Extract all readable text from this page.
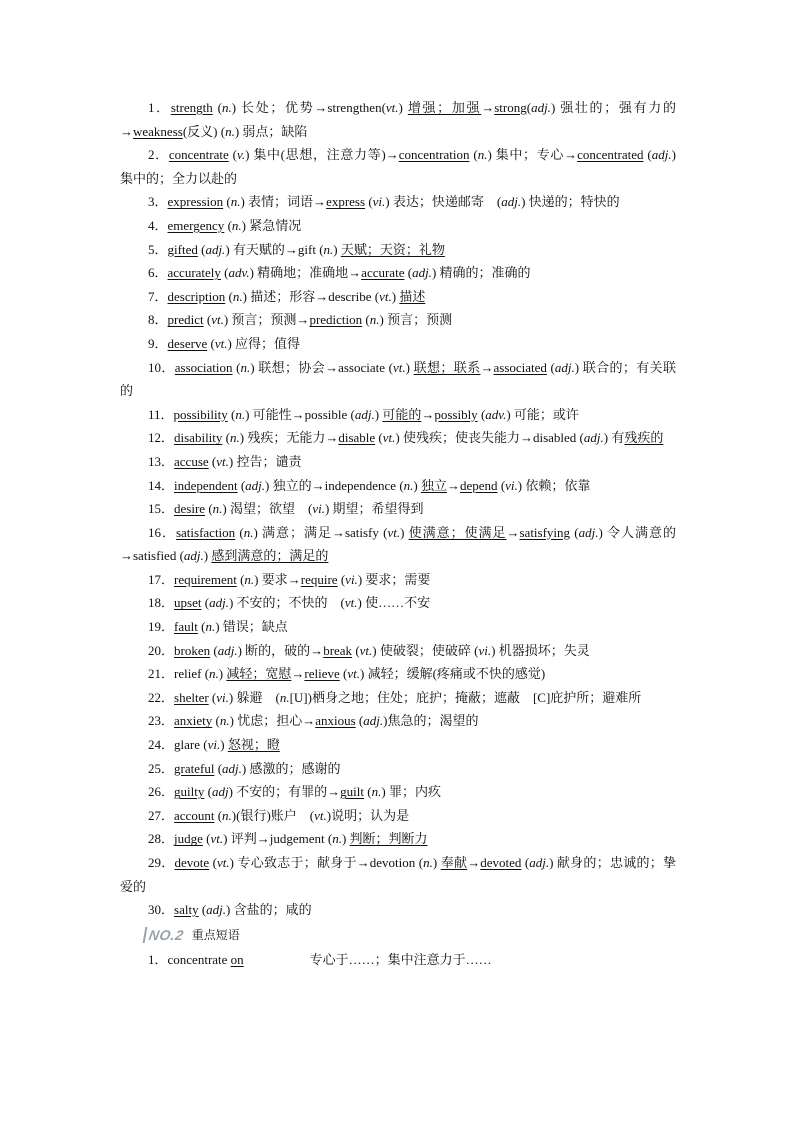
1．strength (n.) 长处；优势→strengthen(vt.) 增强；加强→strong(adj.) 强壮的；强有力的→weakness(反义) (n.) 弱点；缺陷
2．concentrate (v.) 集中(思想，注意力等)→concentration (n.) 集中；专心→concentrated (adj.) 集中的；全力以赴的
3．expression (n.) 表情；词语→express (vi.) 表达；快递邮寄　(adj.) 快递的；特快的
4．emergency (n.) 紧急情况
5．gifted (adj.) 有天赋的→gift (n.) 天赋；天资；礼物
6．accurately (adv.) 精确地；准确地→accurate (adj.) 精确的；准确的
7．description (n.) 描述；形容→describe (vt.) 描述
8．predict (vt.) 预言；预测→prediction (n.) 预言；预测
9．deserve (vt.) 应得；值得
10．association (n.) 联想；协会→associate (vt.) 联想；联系→associated (adj.) 联合的；有关联的
11．possibility (n.) 可能性→possible (adj.) 可能的→possibly (adv.) 可能；或许
12．disability (n.) 残疾；无能力→disable (vt.) 使残疾；使丧失能力→disabled (adj.) 有残疾的
13．accuse (vt.) 控告；谴责
14．independent (adj.) 独立的→independence (n.) 独立→depend (vi.) 依赖；依靠
15．desire (n.) 渴望；欲望　(vi.) 期望；希望得到
16．satisfaction (n.) 满意；满足→satisfy (vt.) 使满意；使满足→satisfying (adj.) 令人满意的→satisfied (adj.) 感到满意的；满足的
17．requirement (n.) 要求→require (vi.) 要求；需要
18．upset (adj.) 不安的；不快的　(vt.) 使……不安
19．fault (n.) 错误；缺点
20．broken (adj.) 断的，破的→break (vt.) 使破裂；使破碎 (vi.) 机器损坏；失灵
21．relief (n.) 减轻；宽慰→relieve (vt.) 减轻；缓解(疼痛或不快的感觉)
22．shelter (vi.) 躲避　(n.[U])栖身之地；住处；庇护；掩蔽；遮蔽　[C]庇护所；避难所
23．anxiety (n.) 忧虑；担心→anxious (adj.)焦急的；渴望的
24．glare (vi.) 怒视；瞪
25．grateful (adj.) 感激的；感谢的
26．guilty (adj) 不安的；有罪的→guilt (n.) 罪；内疚
27．account (n.)(银行)账户　(vt.)说明；认为是
28．judge (vt.) 评判→judgement (n.) 判断；判断力
29．devote (vt.) 专心致志于；献身于→devotion (n.) 奉献→devoted (adj.) 献身的；忠诚的；挚爱的
30．salty (adj.) 含盐的；咸的
NO.2 重点短语
1．concentrate on	专心于……；集中注意力于……
